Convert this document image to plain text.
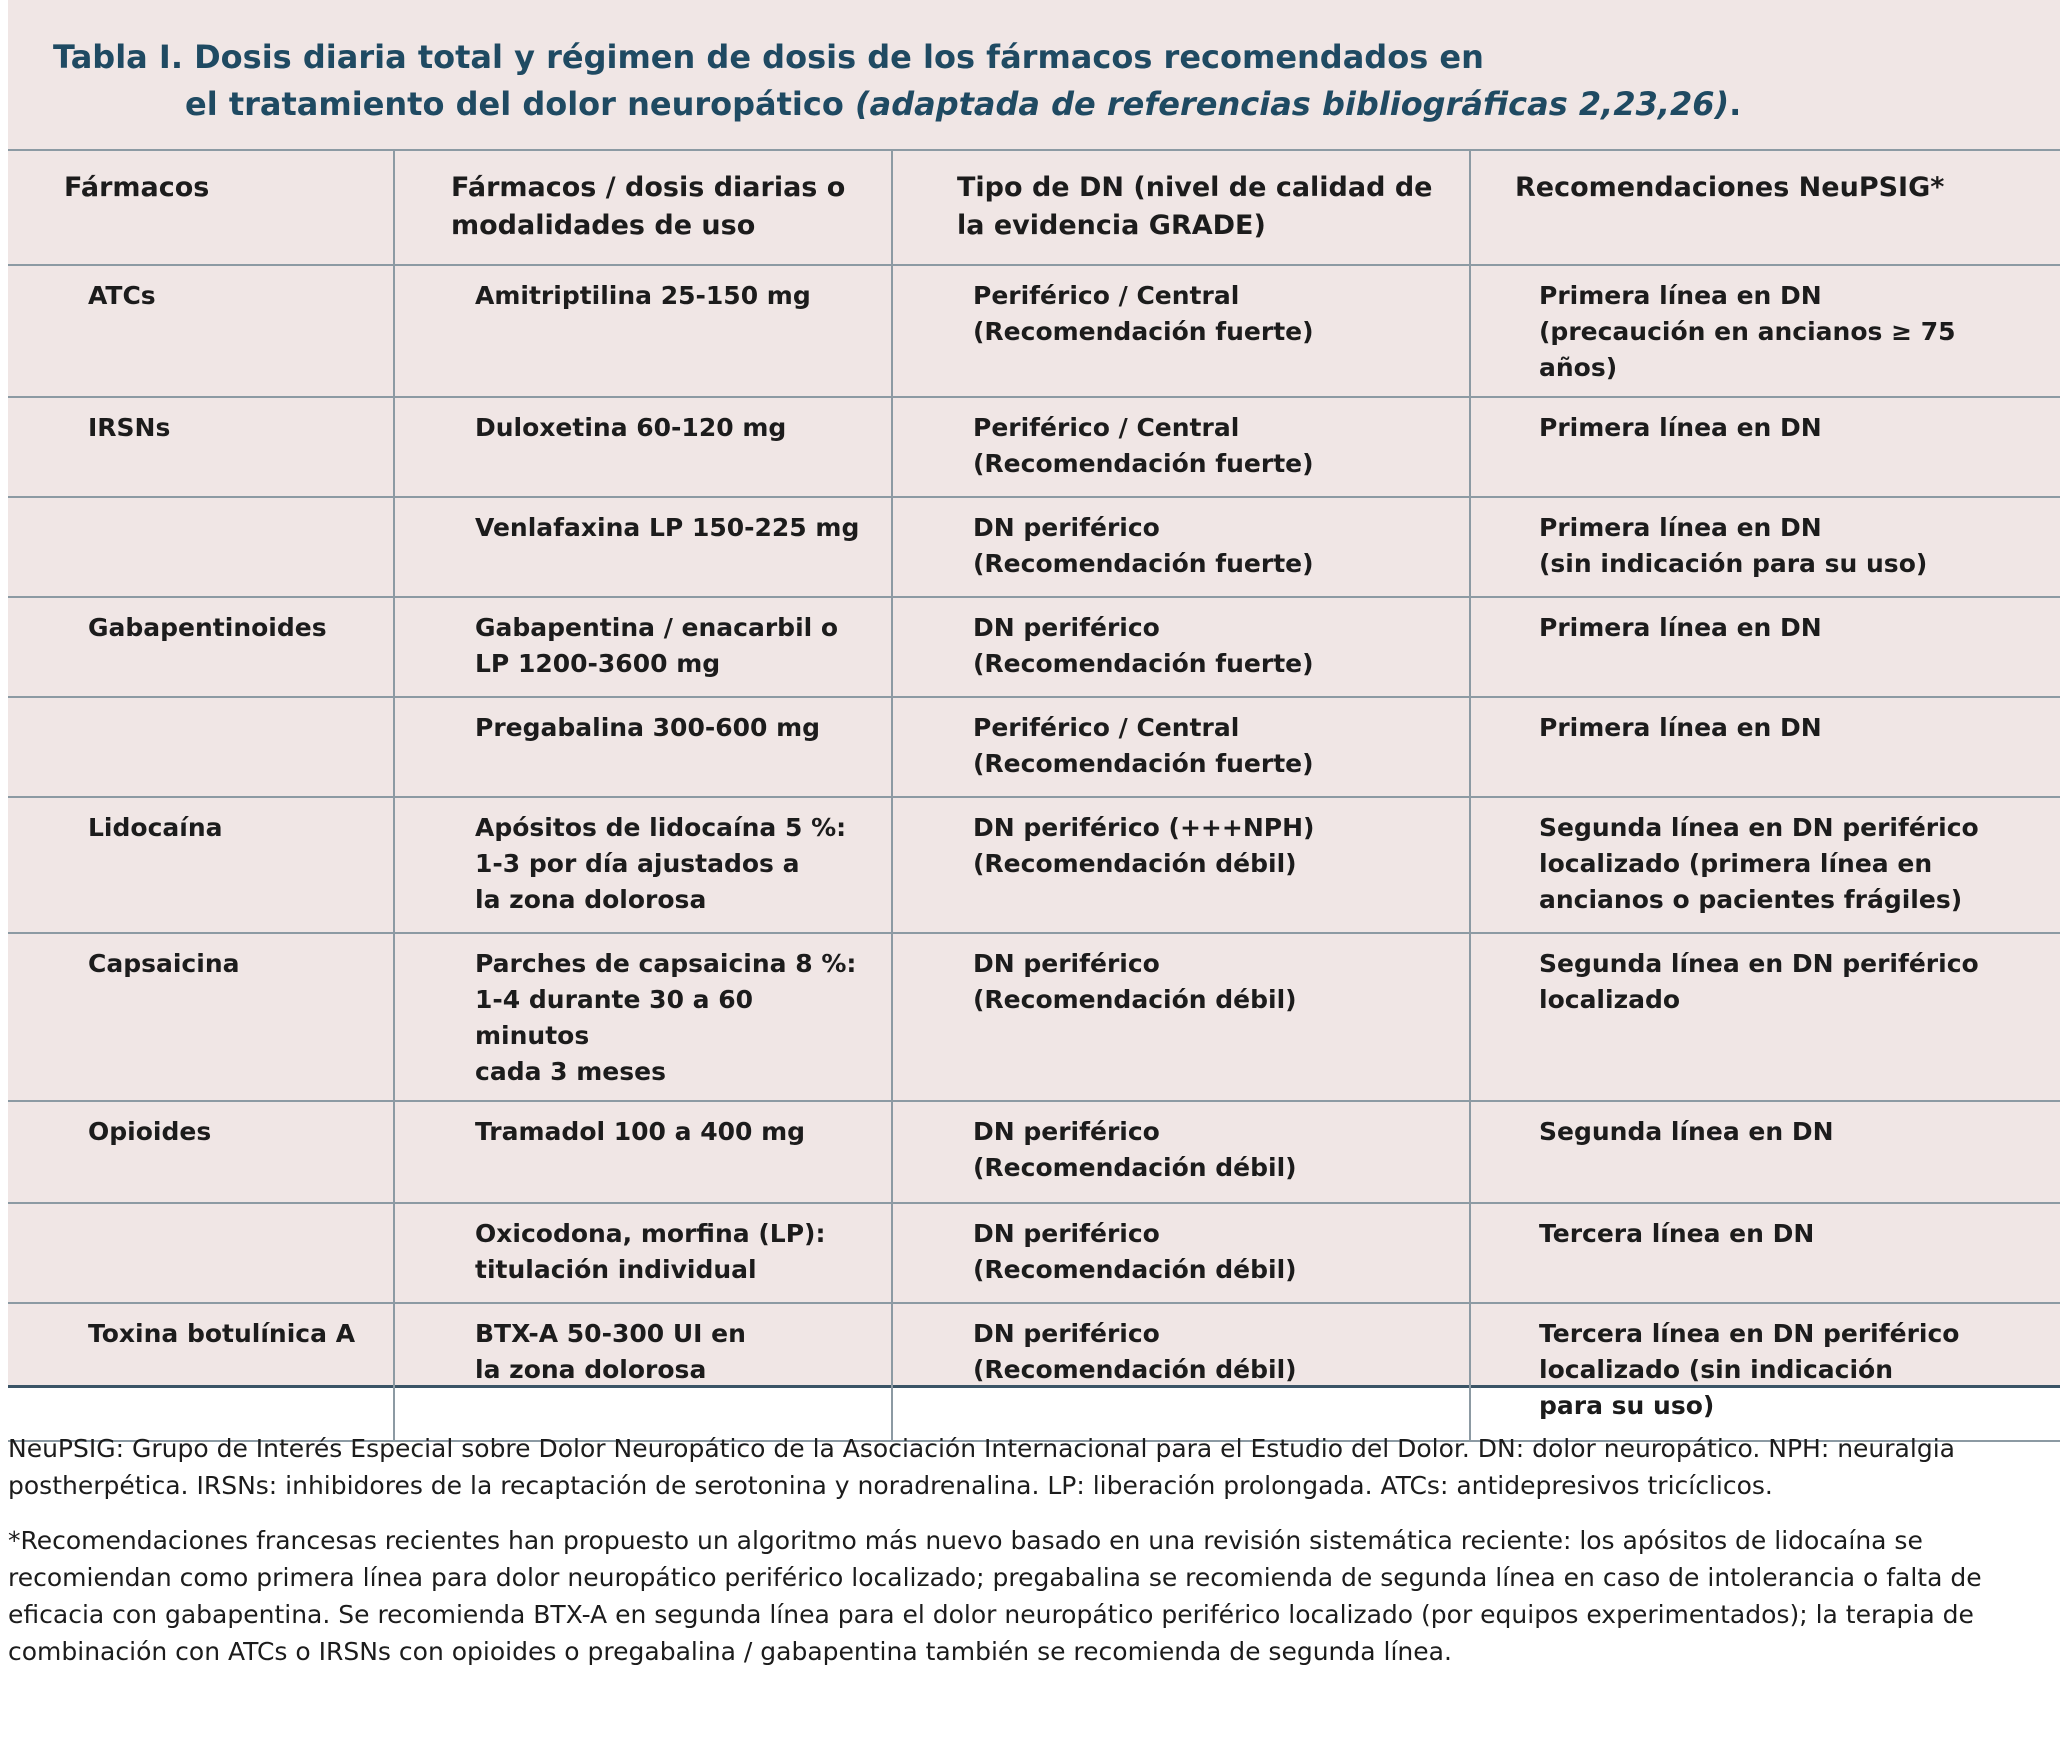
Tabla I. Dosis diaria total y régimen de dosis de los fármacos recomendados en
el tratamiento del dolor neuropático (adaptada de referencias bibliográficas 2,23,26).
Fármacos	Fármacos / dosis diarias o
modalidades de uso	Tipo de DN (nivel de calidad de
la evidencia GRADE)	Recomendaciones NeuPSIG*

ATCs	Amitriptilina 25-150 mg	Periférico / Central
(Recomendación fuerte)	Primera línea en DN
(precaución en ancianos ≥ 75 años)

IRSNs	Duloxetina 60-120 mg	Periférico / Central
(Recomendación fuerte)	Primera línea en DN

	Venlafaxina LP 150-225 mg	DN periférico
(Recomendación fuerte)	Primera línea en DN
(sin indicación para su uso)

Gabapentinoides	Gabapentina / enacarbil o
LP 1200-3600 mg	DN periférico
(Recomendación fuerte)	Primera línea en DN

	Pregabalina 300-600 mg	Periférico / Central
(Recomendación fuerte)	Primera línea en DN

Lidocaína	Apósitos de lidocaína 5 %:
1-3 por día ajustados a
la zona dolorosa	DN periférico (+++NPH)
(Recomendación débil)	Segunda línea en DN periférico
localizado (primera línea en
ancianos o pacientes frágiles)

Capsaicina	Parches de capsaicina 8 %:
1-4 durante 30 a 60 minutos
cada 3 meses	DN periférico
(Recomendación débil)	Segunda línea en DN periférico
localizado

Opioides	Tramadol 100 a 400 mg	DN periférico
(Recomendación débil)	Segunda línea en DN

	Oxicodona, morfina (LP):
titulación individual	DN periférico
(Recomendación débil)	Tercera línea en DN

Toxina botulínica A	BTX-A 50-300 UI en
la zona dolorosa	DN periférico
(Recomendación débil)	Tercera línea en DN periférico
localizado (sin indicación
para su uso)

NeuPSIG: Grupo de Interés Especial sobre Dolor Neuropático de la Asociación Internacional para el Estudio del Dolor. DN: dolor neuropático. NPH: neuralgia postherpética. IRSNs: inhibidores de la recaptación de serotonina y noradrenalina. LP: liberación prolongada. ATCs: antidepresivos tricíclicos.

*Recomendaciones francesas recientes han propuesto un algoritmo más nuevo basado en una revisión sistemática reciente: los apósitos de lidocaína se recomiendan como primera línea para dolor neuropático periférico localizado; pregabalina se recomienda de segunda línea en caso de intolerancia o falta de eficacia con gabapentina. Se recomienda BTX-A en segunda línea para el dolor neuropático periférico localizado (por equipos experimentados); la terapia de combinación con ATCs o IRSNs con opioides o pregabalina / gabapentina también se recomienda de segunda línea.
